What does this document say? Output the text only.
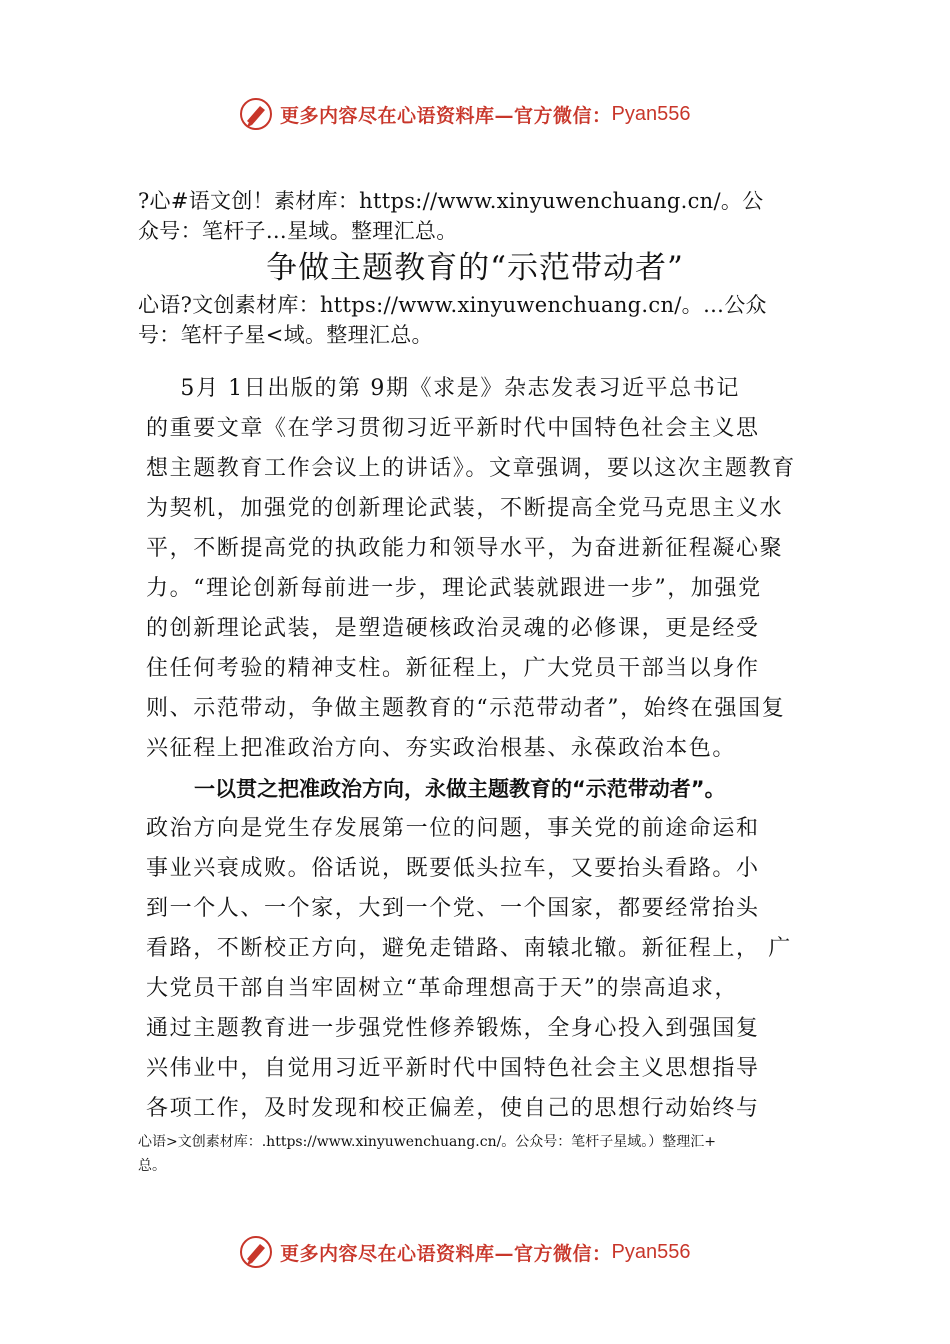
更多内容尽在心语资料库—官方微信： Pyan556
?心#语文创！素材库：https://www.xinyuwenchuang.cn/。公
众号：笔杆子…星域。整理汇总。
争做主题教育的“示范带动者”
心语?文创素材库：https://www.xinyuwenchuang.cn/。…公众
号：笔杆子星<域。整理汇总。
5月 1日出版的第 9期《求是》杂志发表习近平总书记
的重要文章《在学习贯彻习近平新时代中国特色社会主义思
想主题教育工作会议上的讲话》。文章强调，要以这次主题教育
为契机，加强党的创新理论武装，不断提高全党马克思主义水
平，不断提高党的执政能力和领导水平，为奋进新征程凝心聚
力。“理论创新每前进一步，理论武装就跟进一步”，加强党
的创新理论武装，是塑造硬核政治灵魂的必修课，更是经受
住任何考验的精神支柱。新征程上，广大党员干部当以身作
则、示范带动，争做主题教育的“示范带动者”，始终在强国复
兴征程上把准政治方向、夯实政治根基、永葆政治本色。
一以贯之把准政治方向，永做主题教育的“示范带动者”。
政治方向是党生存发展第一位的问题，事关党的前途命运和
事业兴衰成败。俗话说，既要低头拉车，又要抬头看路。小
到一个人、一个家，大到一个党、一个国家，都要经常抬头
看路，不断校正方向，避免走错路、南辕北辙。新征程上， 广
大党员干部自当牢固树立“革命理想高于天”的崇高追求，
通过主题教育进一步强党性修养锻炼，全身心投入到强国复
兴伟业中，自觉用习近平新时代中国特色社会主义思想指导
各项工作，及时发现和校正偏差，使自己的思想行动始终与
心语>文创素材库：.https://www.xinyuwenchuang.cn/。公众号：笔杆子星域。）整理汇+
总。
更多内容尽在心语资料库—官方微信： Pyan556
